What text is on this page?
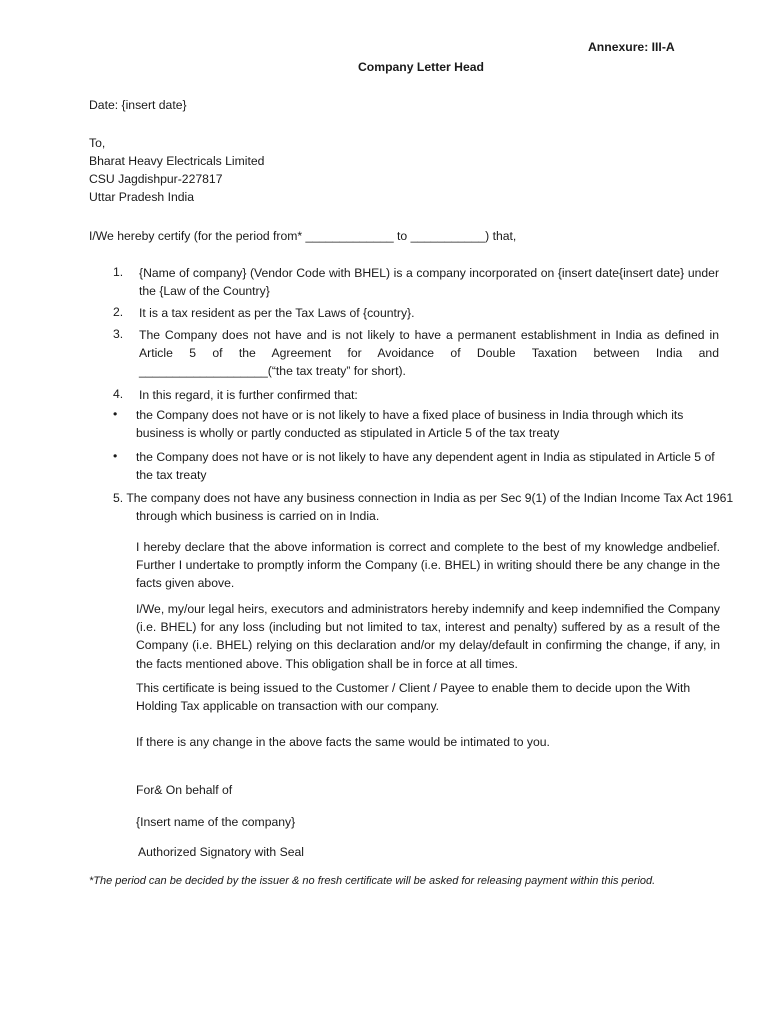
Annexure: III-A
Company Letter Head
Date: {insert date}
To,
Bharat Heavy Electricals Limited
CSU Jagdishpur-227817
Uttar Pradesh India
I/We hereby certify (for the period from* _____________ to ___________) that,
1. {Name of company} (Vendor Code with BHEL) is a company incorporated on {insert date{insert date} under the {Law of the Country}
2. It is a tax resident as per the Tax Laws of {country}.
3. The Company does not have and is not likely to have a permanent establishment in India as defined in Article 5 of the Agreement for Avoidance of Double Taxation between India and ___________________(“the tax treaty” for short).
4. In this regard, it is further confirmed that:
• the Company does not have or is not likely to have a fixed place of business in India through which its business is wholly or partly conducted as stipulated in Article 5 of the tax treaty
• the Company does not have or is not likely to have any dependent agent in India as stipulated in Article 5 of the tax treaty
5. The company does not have any business connection in India as per Sec 9(1) of the Indian Income Tax Act 1961 through which business is carried on in India.
I hereby declare that the above information is correct and complete to the best of my knowledge andbelief. Further I undertake to promptly inform the Company (i.e. BHEL) in writing should there be any change in the facts given above.
I/We, my/our legal heirs, executors and administrators hereby indemnify and keep indemnified the Company (i.e. BHEL) for any loss (including but not limited to tax, interest and penalty) suffered by as a result of the Company (i.e. BHEL) relying on this declaration and/or my delay/default in confirming the change, if any, in the facts mentioned above. This obligation shall be in force at all times.
This certificate is being issued to the Customer / Client / Payee to enable them to decide upon the With Holding Tax applicable on transaction with our company.
If there is any change in the above facts the same would be intimated to you.
For& On behalf of
{Insert name of the company}
Authorized Signatory with Seal
*The period can be decided by the issuer & no fresh certificate will be asked for releasing payment within this period.
